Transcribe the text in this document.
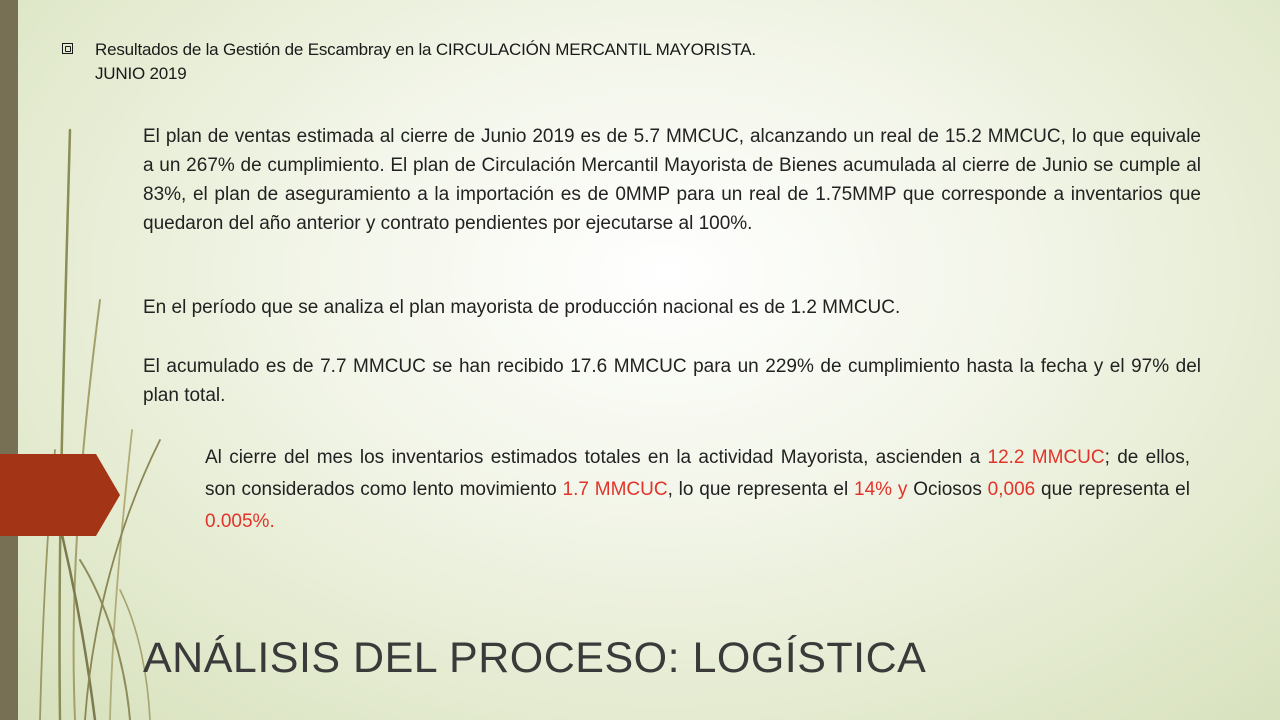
Resultados de la Gestión de Escambray en la CIRCULACIÓN MERCANTIL MAYORISTA.
JUNIO 2019
El plan de ventas estimada al cierre de Junio 2019 es de 5.7 MMCUC, alcanzando un real de 15.2 MMCUC, lo que equivale a un 267% de cumplimiento. El plan de Circulación Mercantil Mayorista de Bienes acumulada al cierre de Junio se cumple al 83%, el plan de aseguramiento a la importación es de 0MMP para un real de 1.75MMP que corresponde a inventarios que quedaron del año anterior y contrato pendientes por ejecutarse al 100%.
En el período que se analiza el plan mayorista de producción nacional es de 1.2 MMCUC.
El acumulado es de 7.7 MMCUC se han recibido 17.6 MMCUC para un 229% de cumplimiento hasta la fecha y el 97% del plan total.
Al cierre del mes los inventarios estimados totales en la actividad Mayorista, ascienden a 12.2 MMCUC; de ellos, son considerados como lento movimiento 1.7 MMCUC, lo que representa el 14% y Ociosos 0,006 que representa el 0.005%.
ANÁLISIS DEL PROCESO: LOGÍSTICA
